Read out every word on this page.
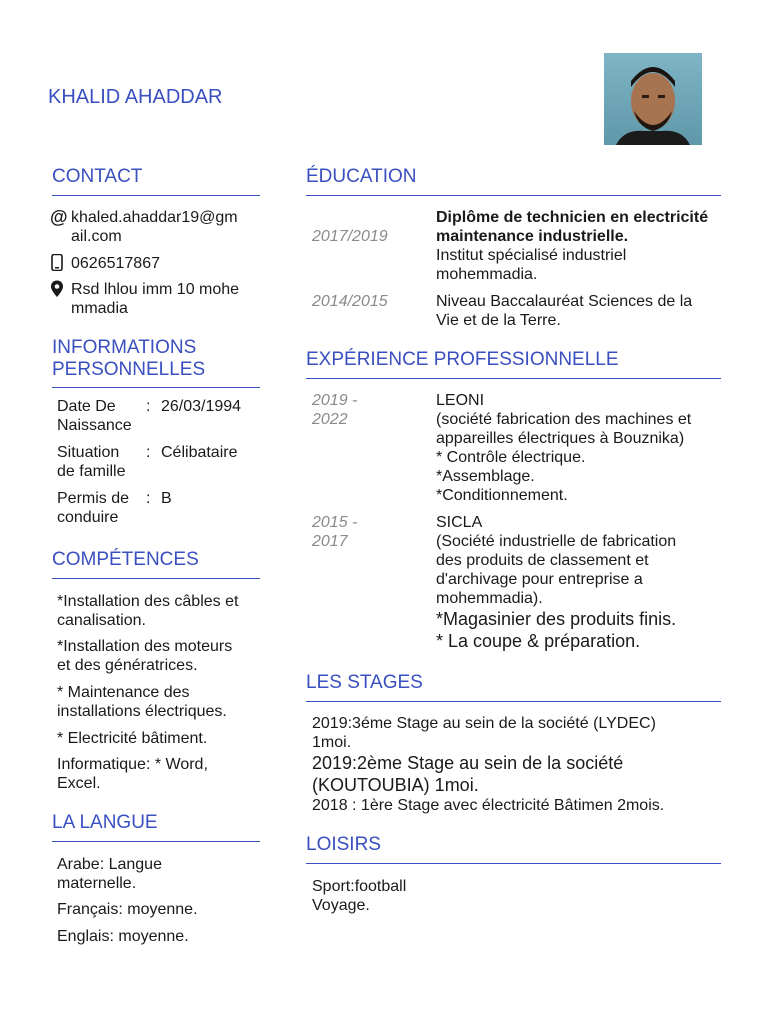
KHALID AHADDAR
CONTACT
@ khaled.ahaddar19@gm
ail.com
0626517867
Rsd lhlou imm 10 mohe
mmadia
INFORMATIONS
PERSONNELLES
Date De
Naissance
: 26/03/1994
Situation
de famille
: Célibataire
Permis de
conduire
: B
COMPÉTENCES
*Installation des câbles et
canalisation.
*Installation des moteurs
et des génératrices.
* Maintenance des
installations électriques.
* Electricité bâtiment.
Informatique: * Word,
Excel.
LA LANGUE
Arabe: Langue
maternelle.
Français: moyenne.
Englais: moyenne.
ÉDUCATION
2017/2019
Diplôme de technicien en electricité
maintenance industrielle.
Institut spécialisé industriel
mohemmadia.
2014/2015	Niveau Baccalauréat Sciences de la
Vie et de la Terre.
EXPÉRIENCE PROFESSIONNELLE
2019 -
2022
LEONI
(société fabrication des machines et
appareilles électriques à Bouznika)
* Contrôle électrique.
*Assemblage.
*Conditionnement.
2015 -
2017
SICLA
(Société industrielle de fabrication
des produits de classement et
d'archivage pour entreprise a
mohemmadia).
*Magasinier des produits finis.
* La coupe & préparation.
LES STAGES
2019:3éme Stage au sein de la société (LYDEC)
1moi.
2019:2ème Stage au sein de la société
(KOUTOUBIA) 1moi.
2018 : 1ère Stage avec électricité Bâtimen 2mois.
LOISIRS
Sport:football
Voyage.
